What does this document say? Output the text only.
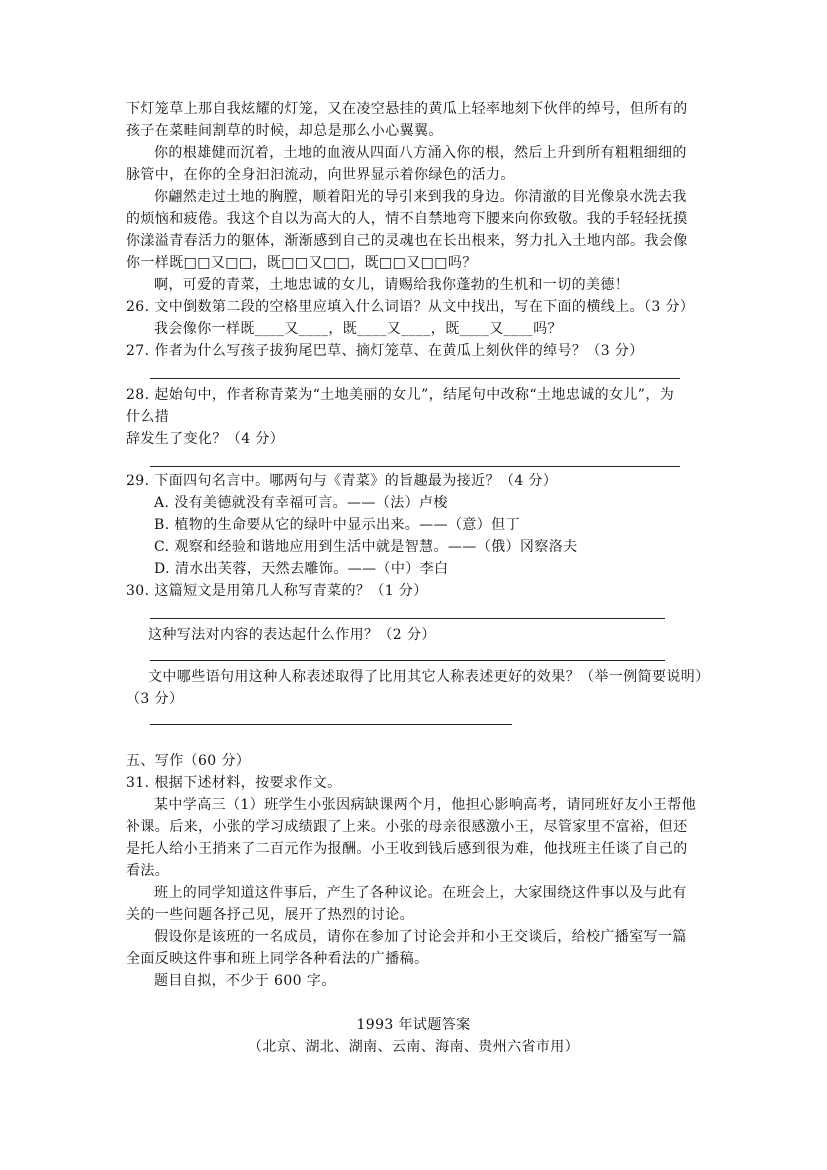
下灯笼草上那自我炫耀的灯笼，又在凌空悬挂的黄瓜上轻率地刻下伙伴的绰号，但所有的
孩子在菜畦间割草的时候，却总是那么小心翼翼。
你的根雄健而沉着，土地的血液从四面八方涌入你的根，然后上升到所有粗粗细细的
脉管中，在你的全身汩汩流动，向世界显示着你绿色的活力。
你翩然走过土地的胸膛，顺着阳光的导引来到我的身边。你清澈的目光像泉水洗去我
的烦恼和疲倦。我这个自以为高大的人，情不自禁地弯下腰来向你致敬。我的手轻轻抚摸
你漾溢青春活力的躯体，渐渐感到自己的灵魂也在长出根来，努力扎入土地内部。我会像
你一样既□□又□□，既□□又□□，既□□又□□吗？
啊，可爱的青菜，土地忠诚的女儿，请赐给我你蓬勃的生机和一切的美德！
26. 文中倒数第二段的空格里应填入什么词语？从文中找出，写在下面的横线上。（3 分）
我会像你一样既____又____，既____又____，既____又____吗？
27. 作者为什么写孩子拔狗尾巴草、摘灯笼草、在黄瓜上刻伙伴的绰号？（3 分）
28. 起始句中，作者称青菜为“土地美丽的女儿”，结尾句中改称“土地忠诚的女儿”，为
什么措
辞发生了变化？（4 分）
29. 下面四句名言中。哪两句与《青菜》的旨趣最为接近？（4 分）
A. 没有美德就没有幸福可言。——（法）卢梭
B. 植物的生命要从它的绿叶中显示出来。——（意）但丁
C. 观察和经验和谐地应用到生活中就是智慧。——（俄）冈察洛夫
D. 清水出芙蓉，天然去雕饰。——（中）李白
30. 这篇短文是用第几人称写青菜的？（1 分）
这种写法对内容的表达起什么作用？（2 分）
文中哪些语句用这种人称表述取得了比用其它人称表述更好的效果？（举一例简要说明）
（3 分）
五、写作（60 分）
31. 根据下述材料，按要求作文。
某中学高三（1）班学生小张因病缺课两个月，他担心影响高考，请同班好友小王帮他
补课。后来，小张的学习成绩跟了上来。小张的母亲很感激小王，尽管家里不富裕，但还
是托人给小王捎来了二百元作为报酬。小王收到钱后感到很为难，他找班主任谈了自己的
看法。
班上的同学知道这件事后，产生了各种议论。在班会上，大家围绕这件事以及与此有
关的一些问题各抒己见，展开了热烈的讨论。
假设你是该班的一名成员，请你在参加了讨论会并和小王交谈后，给校广播室写一篇
全面反映这件事和班上同学各种看法的广播稿。
题目自拟，不少于 600 字。
1993 年试题答案
（北京、湖北、湖南、云南、海南、贵州六省市用）
